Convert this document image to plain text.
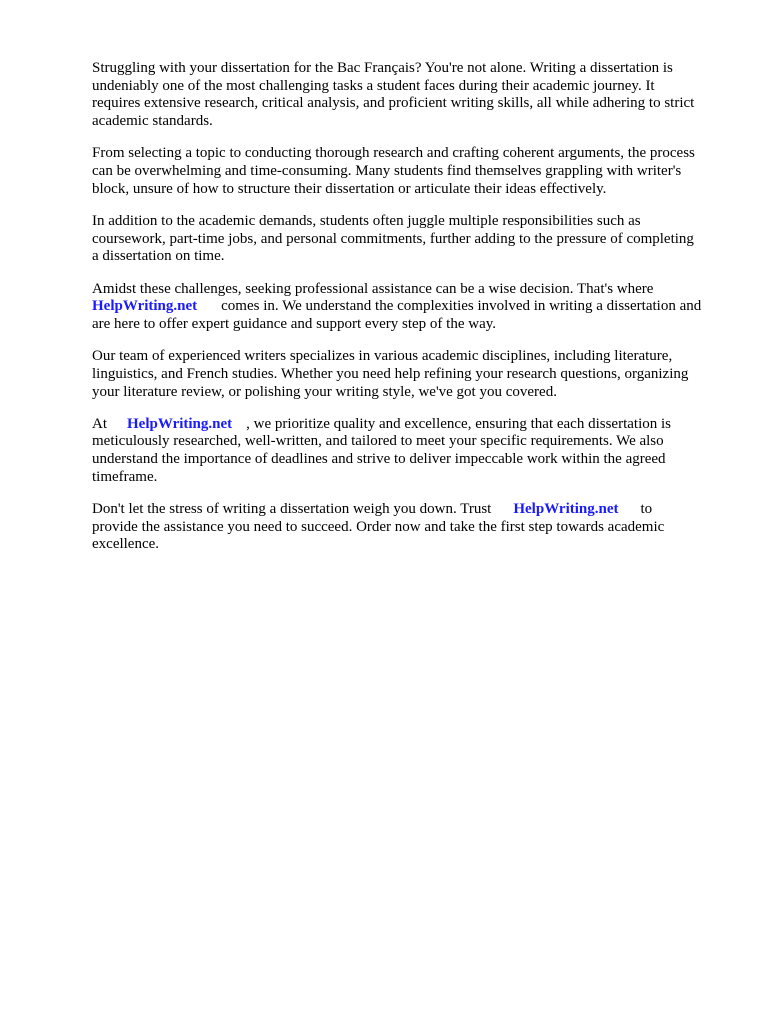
Struggling with your dissertation for the Bac Français? You're not alone. Writing a dissertation is
undeniably one of the most challenging tasks a student faces during their academic journey. It
requires extensive research, critical analysis, and proficient writing skills, all while adhering to strict
academic standards.

From selecting a topic to conducting thorough research and crafting coherent arguments, the process
can be overwhelming and time-consuming. Many students find themselves grappling with writer's
block, unsure of how to structure their dissertation or articulate their ideas effectively.

In addition to the academic demands, students often juggle multiple responsibilities such as
coursework, part-time jobs, and personal commitments, further adding to the pressure of completing
a dissertation on time.

Amidst these challenges, seeking professional assistance can be a wise decision. That's where
HelpWriting.net comes in. We understand the complexities involved in writing a dissertation and
are here to offer expert guidance and support every step of the way.

Our team of experienced writers specializes in various academic disciplines, including literature,
linguistics, and French studies. Whether you need help refining your research questions, organizing
your literature review, or polishing your writing style, we've got you covered.

At HelpWriting.net , we prioritize quality and excellence, ensuring that each dissertation is
meticulously researched, well-written, and tailored to meet your specific requirements. We also
understand the importance of deadlines and strive to deliver impeccable work within the agreed
timeframe.

Don't let the stress of writing a dissertation weigh you down. Trust HelpWriting.net to
provide the assistance you need to succeed. Order now and take the first step towards academic
excellence.
